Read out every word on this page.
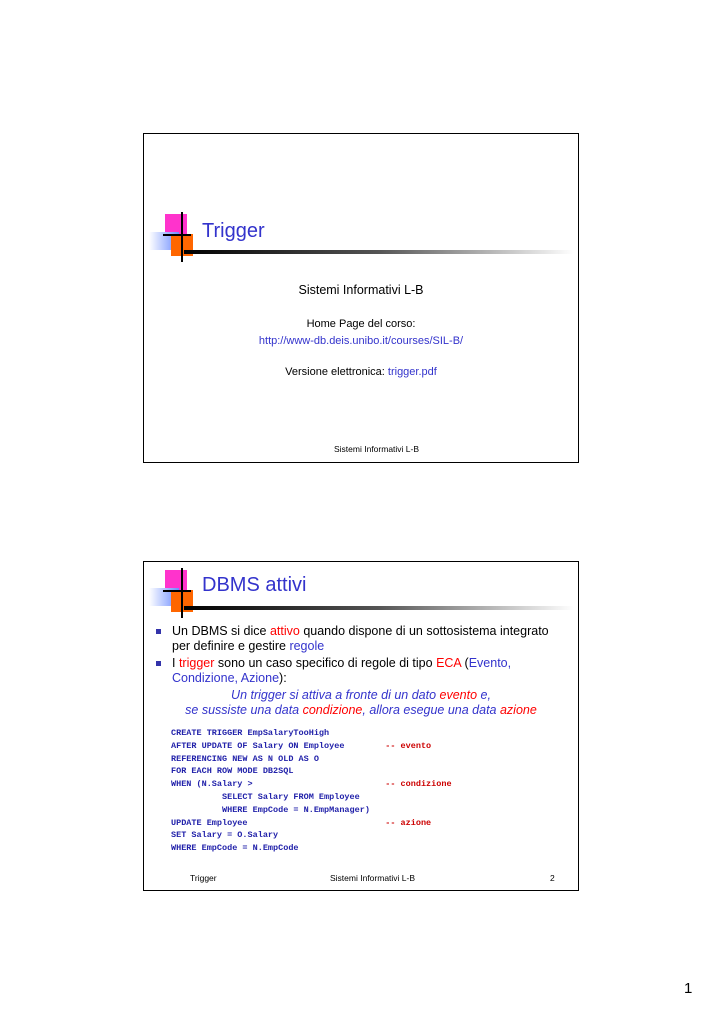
Trigger
Sistemi Informativi L-B
Home Page del corso:
http://www-db.deis.unibo.it/courses/SIL-B/
Versione elettronica: trigger.pdf
Sistemi Informativi L-B
DBMS attivi
Un DBMS si dice attivo quando dispone di un sottosistema integrato per definire e gestire regole
I trigger sono un caso specifico di regole di tipo ECA (Evento, Condizione, Azione):
Un trigger si attiva a fronte di un dato evento e,
se sussiste una data condizione, allora esegue una data azione
CREATE TRIGGER EmpSalaryTooHigh
AFTER UPDATE OF Salary ON Employee        -- evento
REFERENCING NEW AS N OLD AS O
FOR EACH ROW MODE DB2SQL
WHEN (N.Salary >                          -- condizione
SELECT Salary FROM Employee
WHERE EmpCode = N.EmpManager)
UPDATE Employee                           -- azione
SET Salary = O.Salary
WHERE EmpCode = N.EmpCode
Trigger	Sistemi Informativi L-B	2
1
